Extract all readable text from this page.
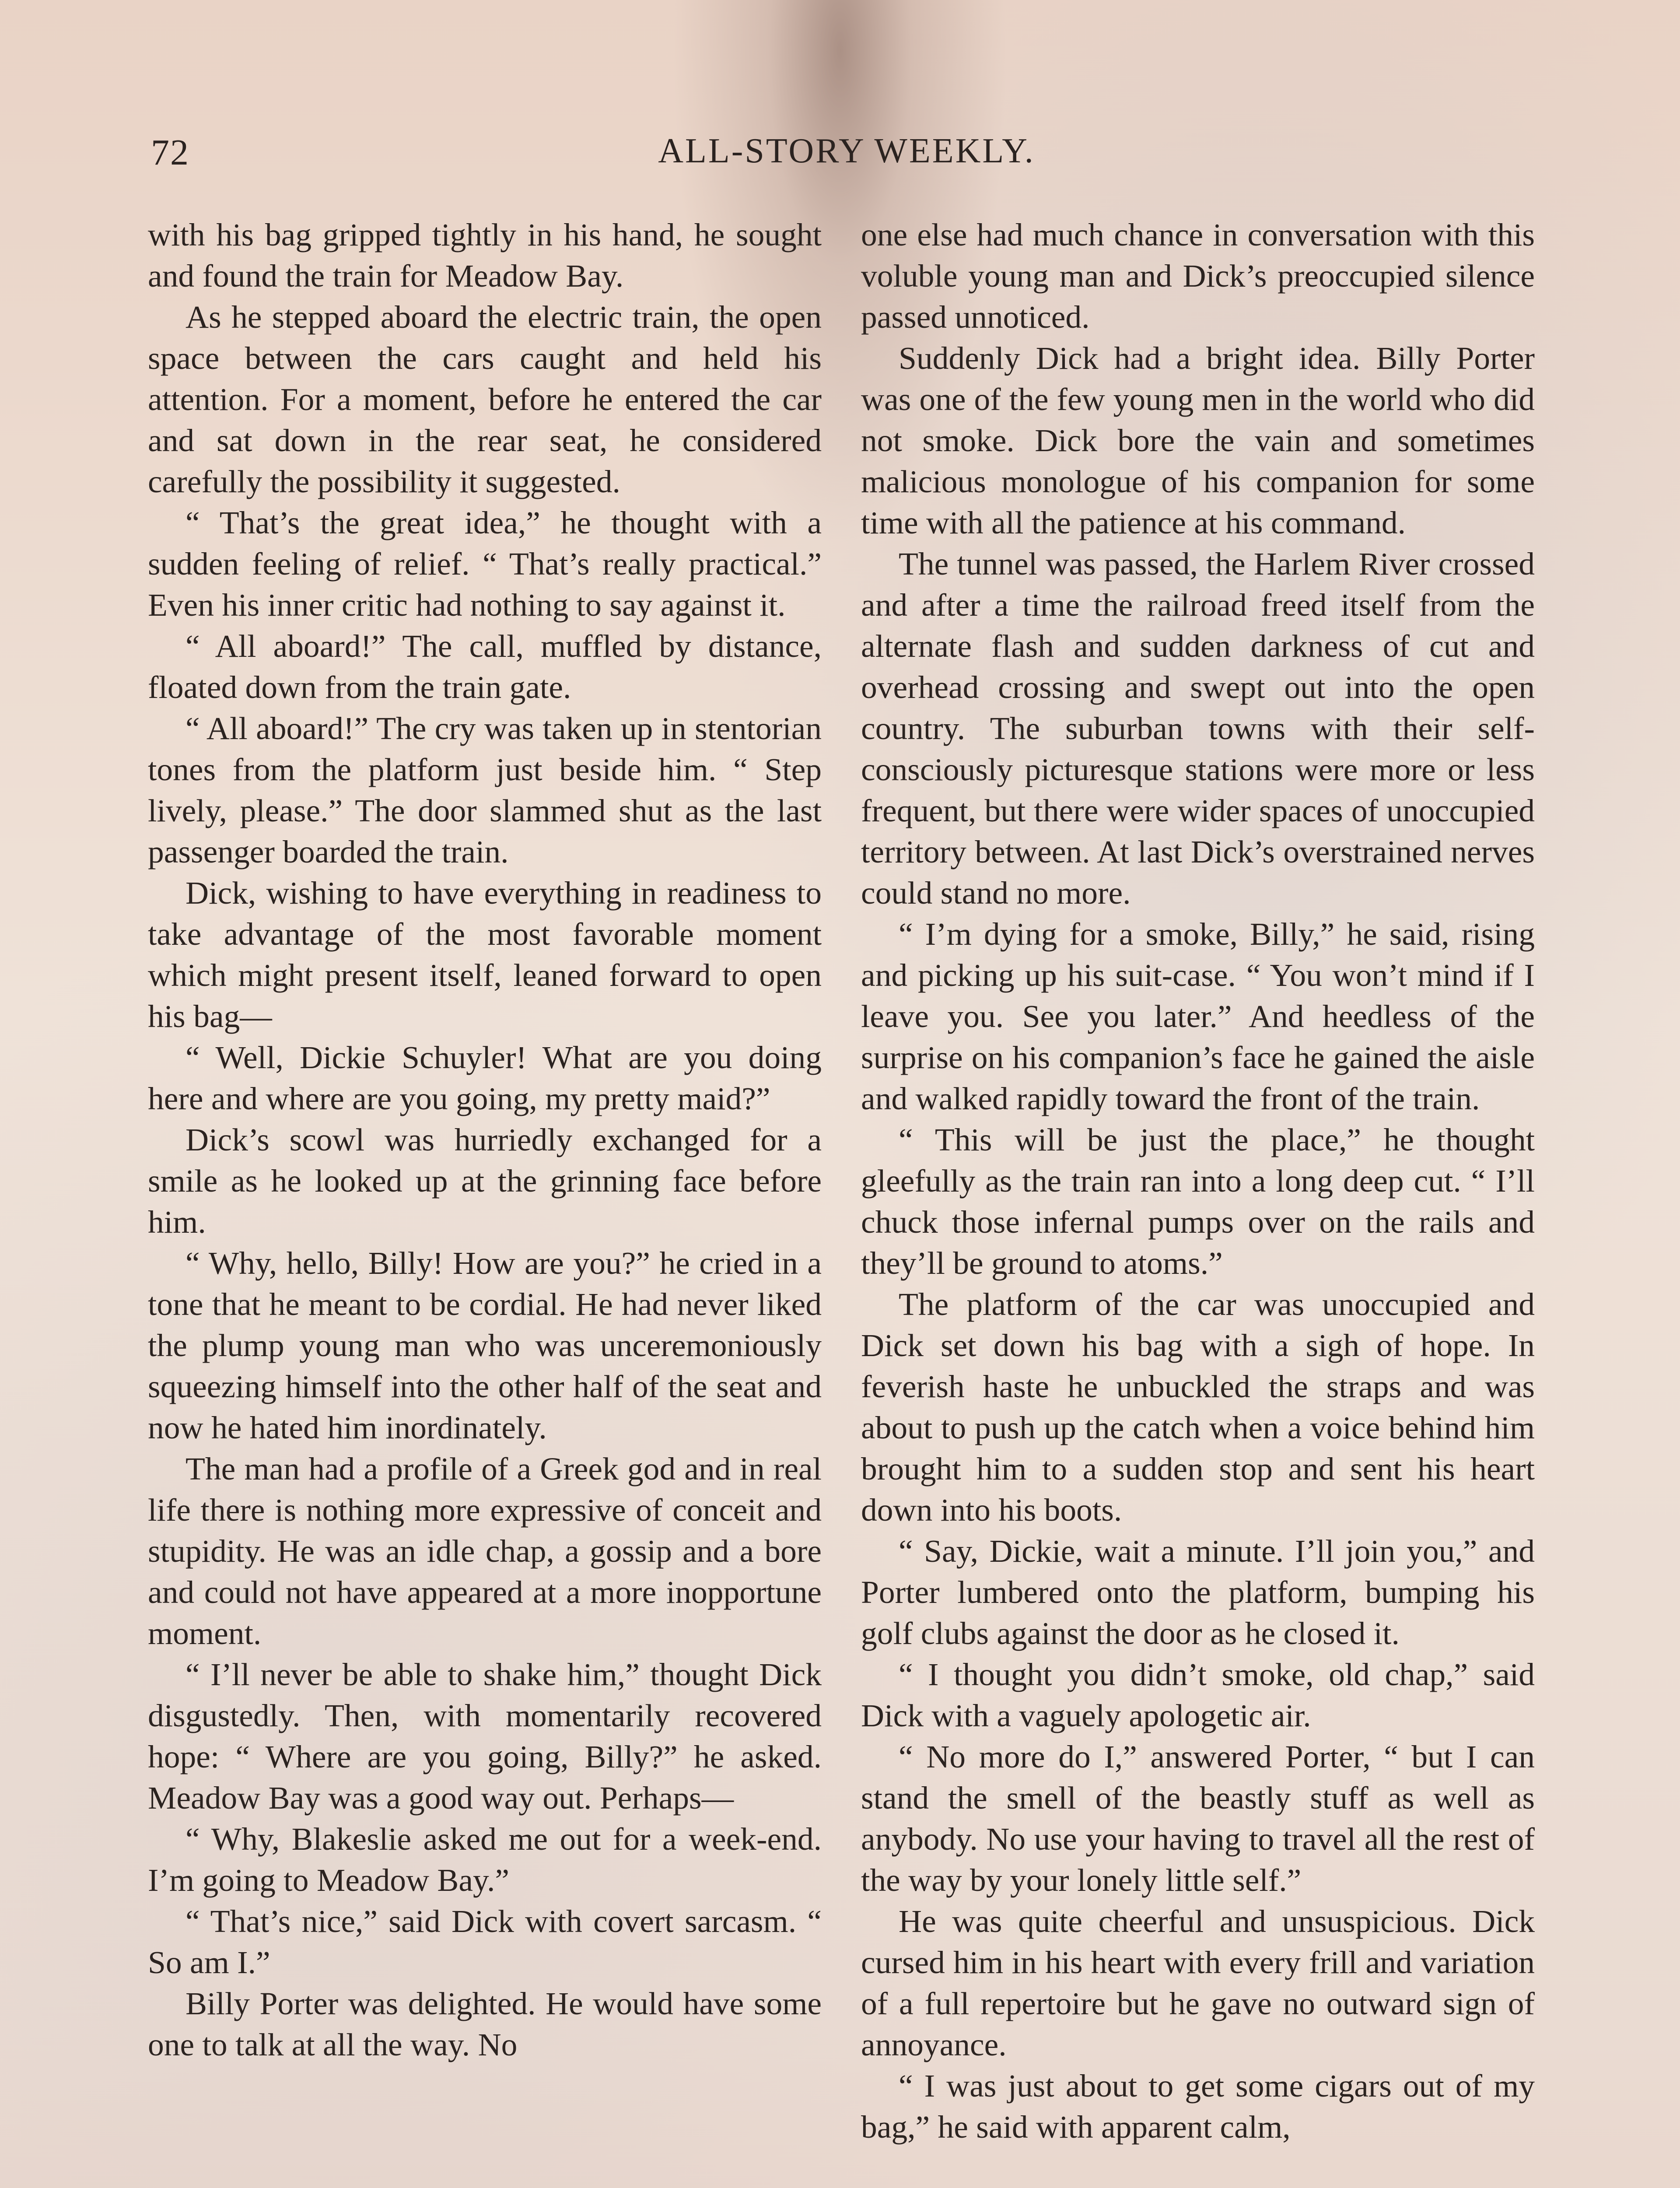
72	ALL-STORY WEEKLY.

with his bag gripped tightly in his hand, he sought and found the train for Meadow Bay.

As he stepped aboard the electric train, the open space between the cars caught and held his attention. For a moment, before he entered the car and sat down in the rear seat, he considered carefully the possibility it suggested.

“ That’s the great idea,” he thought with a sudden feeling of relief. “ That’s really practical.” Even his inner critic had nothing to say against it.

“ All aboard!” The call, muffled by distance, floated down from the train gate.

“ All aboard!” The cry was taken up in stentorian tones from the platform just beside him. “ Step lively, please.” The door slammed shut as the last passenger boarded the train.

Dick, wishing to have everything in readiness to take advantage of the most favorable moment which might present itself, leaned forward to open his bag—

“ Well, Dickie Schuyler! What are you doing here and where are you going, my pretty maid?”

Dick’s scowl was hurriedly exchanged for a smile as he looked up at the grinning face before him.

“ Why, hello, Billy! How are you?” he cried in a tone that he meant to be cordial. He had never liked the plump young man who was unceremoniously squeezing himself into the other half of the seat and now he hated him inordinately.

The man had a profile of a Greek god and in real life there is nothing more expressive of conceit and stupidity. He was an idle chap, a gossip and a bore and could not have appeared at a more inopportune moment.

“ I’ll never be able to shake him,” thought Dick disgustedly. Then, with momentarily recovered hope: “ Where are you going, Billy?” he asked. Meadow Bay was a good way out. Perhaps—

“ Why, Blakeslie asked me out for a week-end. I’m going to Meadow Bay.”

“ That’s nice,” said Dick with covert sarcasm. “ So am I.”

Billy Porter was delighted. He would have some one to talk at all the way. No

one else had much chance in conversation with this voluble young man and Dick’s preoccupied silence passed unnoticed.

Suddenly Dick had a bright idea. Billy Porter was one of the few young men in the world who did not smoke. Dick bore the vain and sometimes malicious monologue of his companion for some time with all the patience at his command.

The tunnel was passed, the Harlem River crossed and after a time the railroad freed itself from the alternate flash and sudden darkness of cut and overhead crossing and swept out into the open country. The suburban towns with their self-consciously picturesque stations were more or less frequent, but there were wider spaces of unoccupied territory between. At last Dick’s overstrained nerves could stand no more.

“ I’m dying for a smoke, Billy,” he said, rising and picking up his suit-case. “ You won’t mind if I leave you. See you later.” And heedless of the surprise on his companion’s face he gained the aisle and walked rapidly toward the front of the train.

“ This will be just the place,” he thought gleefully as the train ran into a long deep cut. “ I’ll chuck those infernal pumps over on the rails and they’ll be ground to atoms.”

The platform of the car was unoccupied and Dick set down his bag with a sigh of hope. In feverish haste he unbuckled the straps and was about to push up the catch when a voice behind him brought him to a sudden stop and sent his heart down into his boots.

“ Say, Dickie, wait a minute. I’ll join you,” and Porter lumbered onto the platform, bumping his golf clubs against the door as he closed it.

“ I thought you didn’t smoke, old chap,” said Dick with a vaguely apologetic air.

“ No more do I,” answered Porter, “ but I can stand the smell of the beastly stuff as well as anybody. No use your having to travel all the rest of the way by your lonely little self.”

He was quite cheerful and unsuspicious. Dick cursed him in his heart with every frill and variation of a full repertoire but he gave no outward sign of annoyance.

“ I was just about to get some cigars out of my bag,” he said with apparent calm,
